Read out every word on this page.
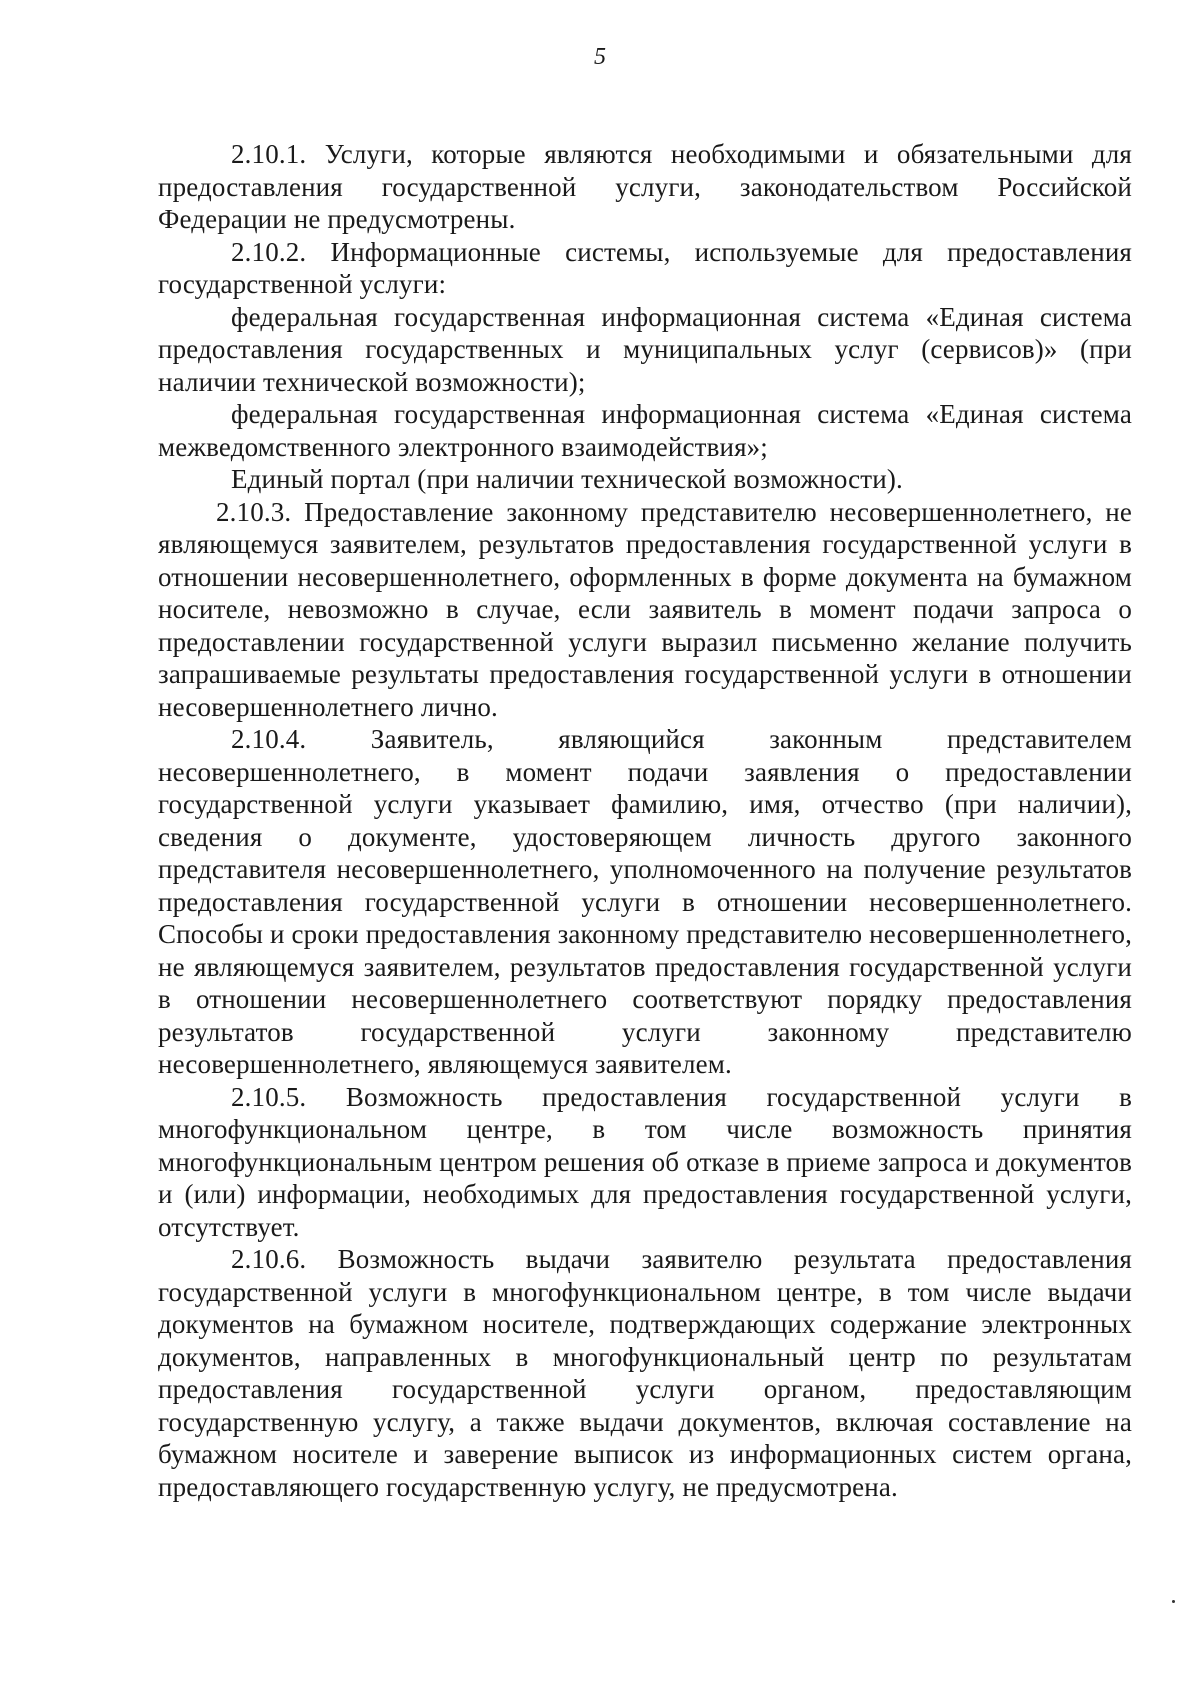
5

2.10.1. Услуги, которые являются необходимыми и обязательными для предоставления государственной услуги, законодательством Российской Федерации не предусмотрены.

2.10.2. Информационные системы, используемые для предоставления государственной услуги:

федеральная государственная информационная система «Единая система предоставления государственных и муниципальных услуг (сервисов)» (при наличии технической возможности);

федеральная государственная информационная система «Единая система межведомственного электронного взаимодействия»;

Единый портал (при наличии технической возможности).

2.10.3. Предоставление законному представителю несовершеннолетнего, не являющемуся заявителем, результатов предоставления государственной услуги в отношении несовершеннолетнего, оформленных в форме документа на бумажном носителе, невозможно в случае, если заявитель в момент подачи запроса о предоставлении государственной услуги выразил письменно желание получить запрашиваемые результаты предоставления государственной услуги в отношении несовершеннолетнего лично.

2.10.4. Заявитель, являющийся законным представителем несовершеннолетнего, в момент подачи заявления о предоставлении государственной услуги указывает фамилию, имя, отчество (при наличии), сведения о документе, удостоверяющем личность другого законного представителя несовершеннолетнего, уполномоченного на получение результатов предоставления государственной услуги в отношении несовершеннолетнего. Способы и сроки предоставления законному представителю несовершеннолетнего, не являющемуся заявителем, результатов предоставления государственной услуги в отношении несовершеннолетнего соответствуют порядку предоставления результатов государственной услуги законному представителю несовершеннолетнего, являющемуся заявителем.

2.10.5. Возможность предоставления государственной услуги в многофункциональном центре, в том числе возможность принятия многофункциональным центром решения об отказе в приеме запроса и документов и (или) информации, необходимых для предоставления государственной услуги, отсутствует.

2.10.6. Возможность выдачи заявителю результата предоставления государственной услуги в многофункциональном центре, в том числе выдачи документов на бумажном носителе, подтверждающих содержание электронных документов, направленных в многофункциональный центр по результатам предоставления государственной услуги органом, предоставляющим государственную услугу, а также выдачи документов, включая составление на бумажном носителе и заверение выписок из информационных систем органа, предоставляющего государственную услугу, не предусмотрена.
